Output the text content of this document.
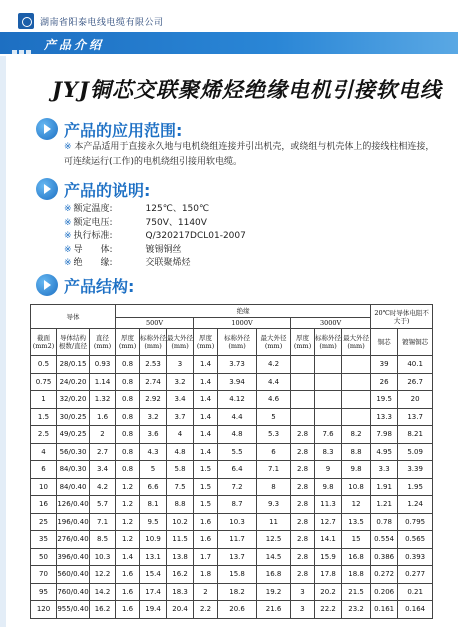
湖南省阳泰电线电缆有限公司
产品介绍
JYJ铜芯交联聚烯烃绝缘电机引接软电线
产品的应用范围:
※ 本产品适用于直接永久地与电机绕组连接并引出机壳，或绕组与机壳体上的接线柱相连接，可连续运行(工作)的电机绕组引接用软电缆。
产品的说明:
※ 额定温度:	125℃、150℃
※ 额定电压:	750V、1140V
※ 执行标准:	Q/320217DCL01-2007
※ 导　　体:	镀锡铜丝
※ 绝　　缘:	交联聚烯烃
产品结构:
导体			绝缘									20℃时导体电阻不大于)	
			500V			1000V			3000V				
截面(mm2)	导体结构根数/直径	直径(mm)	厚度(mm)	标称外径(mm)	最大外径(mm)	厚度(mm)	标称外径(mm)	最大外径(mm)	厚度(mm)	标称外径(mm)	最大外径(mm)	铜芯	镀锡铜芯
0.5	28/0.15	0.93	0.8	2.53	3	1.4	3.73	4.2				39	40.1
0.75	24/0.20	1.14	0.8	2.74	3.2	1.4	3.94	4.4				26	26.7
1	32/0.20	1.32	0.8	2.92	3.4	1.4	4.12	4.6				19.5	20
1.5	30/0.25	1.6	0.8	3.2	3.7	1.4	4.4	5				13.3	13.7
2.5	49/0.25	2	0.8	3.6	4	1.4	4.8	5.3	2.8	7.6	8.2	7.98	8.21
4	56/0.30	2.7	0.8	4.3	4.8	1.4	5.5	6	2.8	8.3	8.8	4.95	5.09
6	84/0.30	3.4	0.8	5	5.8	1.5	6.4	7.1	2.8	9	9.8	3.3	3.39
10	84/0.40	4.2	1.2	6.6	7.5	1.5	7.2	8	2.8	9.8	10.8	1.91	1.95
16	126/0.40	5.7	1.2	8.1	8.8	1.5	8.7	9.3	2.8	11.3	12	1.21	1.24
25	196/0.40	7.1	1.2	9.5	10.2	1.6	10.3	11	2.8	12.7	13.5	0.78	0.795
35	276/0.40	8.5	1.2	10.9	11.5	1.6	11.7	12.5	2.8	14.1	15	0.554	0.565
50	396/0.40	10.3	1.4	13.1	13.8	1.7	13.7	14.5	2.8	15.9	16.8	0.386	0.393
70	560/0.40	12.2	1.6	15.4	16.2	1.8	15.8	16.8	2.8	17.8	18.8	0.272	0.277
95	760/0.40	14.2	1.6	17.4	18.3	2	18.2	19.2	3	20.2	21.5	0.206	0.21
120	955/0.40	16.2	1.6	19.4	20.4	2.2	20.6	21.6	3	22.2	23.2	0.161	0.164
